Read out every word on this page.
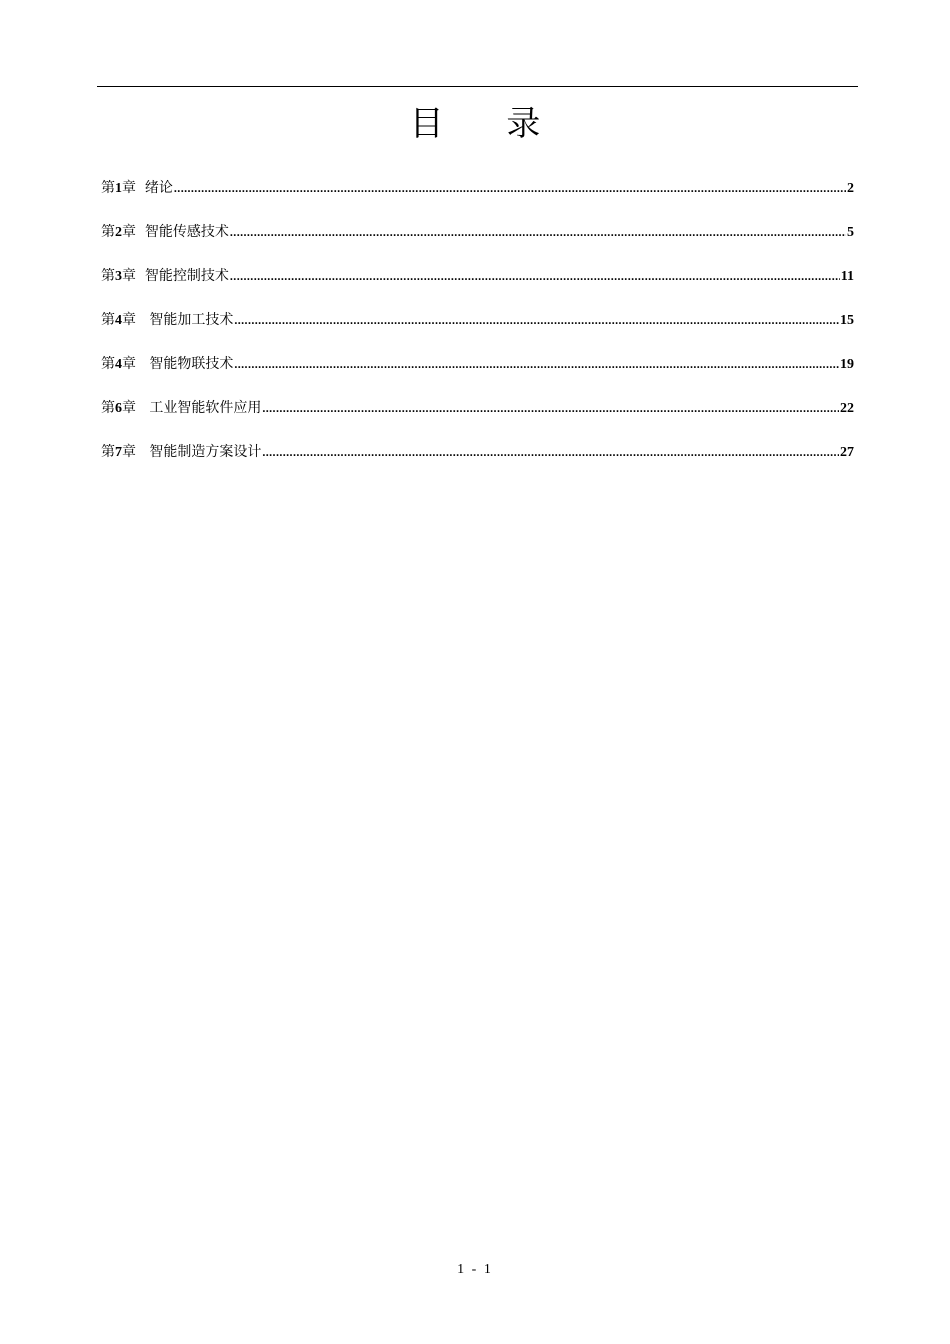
目 录
第1章 绪论 .....	2
第2章 智能传感技术 .....	5
第3章 智能控制技术 .....	11
第4章 智能加工技术 .....	15
第4章 智能物联技术 .....	19
第6章 工业智能软件应用 .....	22
第7章 智能制造方案设计 .....	27
1 - 1
